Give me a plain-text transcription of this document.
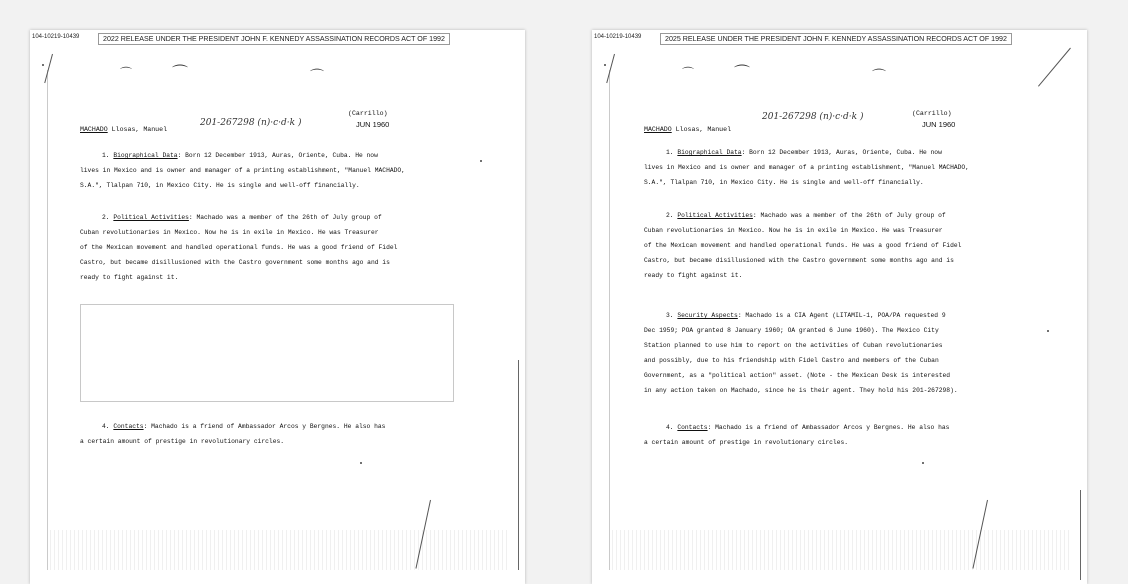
104-10219-10439	2022 RELEASE UNDER THE PRESIDENT JOHN F. KENNEDY ASSASSINATION RECORDS ACT OF 1992
⌒ ⌒	⌒
201-267298 (n)·c·d·k )
(Carrillo)
JUN 1960
MACHADO Llosas, Manuel
1. Biographical Data: Born 12 December 1913, Auras, Oriente, Cuba. He now
lives in Mexico and is owner and manager of a printing establishment, "Manuel MACHADO,
S.A.", Tlalpan 710, in Mexico City. He is single and well-off financially.
2. Political Activities: Machado was a member of the 26th of July group of
Cuban revolutionaries in Mexico. Now he is in exile in Mexico. He was Treasurer
of the Mexican movement and handled operational funds. He was a good friend of Fidel
Castro, but became disillusioned with the Castro government some months ago and is
ready to fight against it.
4. Contacts: Machado is a friend of Ambassador Arcos y Bergnes. He also has
a certain amount of prestige in revolutionary circles.
104-10219-10439	2025 RELEASE UNDER THE PRESIDENT JOHN F. KENNEDY ASSASSINATION RECORDS ACT OF 1992
⌒ ⌒	⌒
201-267298 (n)·c·d·k )	(Carrillo)
JUN 1960
MACHADO Llosas, Manuel
1. Biographical Data: Born 12 December 1913, Auras, Oriente, Cuba. He now
lives in Mexico and is owner and manager of a printing establishment, "Manuel MACHADO,
S.A.", Tlalpan 710, in Mexico City. He is single and well-off financially.
2. Political Activities: Machado was a member of the 26th of July group of
Cuban revolutionaries in Mexico. Now he is in exile in Mexico. He was Treasurer
of the Mexican movement and handled operational funds. He was a good friend of Fidel
Castro, but became disillusioned with the Castro government some months ago and is
ready to fight against it.
3. Security Aspects: Machado is a CIA Agent (LITAMIL-1, POA/PA requested 9
Dec 1959; POA granted 8 January 1960; OA granted 6 June 1960). The Mexico City
Station planned to use him to report on the activities of Cuban revolutionaries
and possibly, due to his friendship with Fidel Castro and members of the Cuban
Government, as a "political action" asset. (Note - the Mexican Desk is interested
in any action taken on Machado, since he is their agent. They hold his 201-267298).
4. Contacts: Machado is a friend of Ambassador Arcos y Bergnes. He also has
a certain amount of prestige in revolutionary circles.
